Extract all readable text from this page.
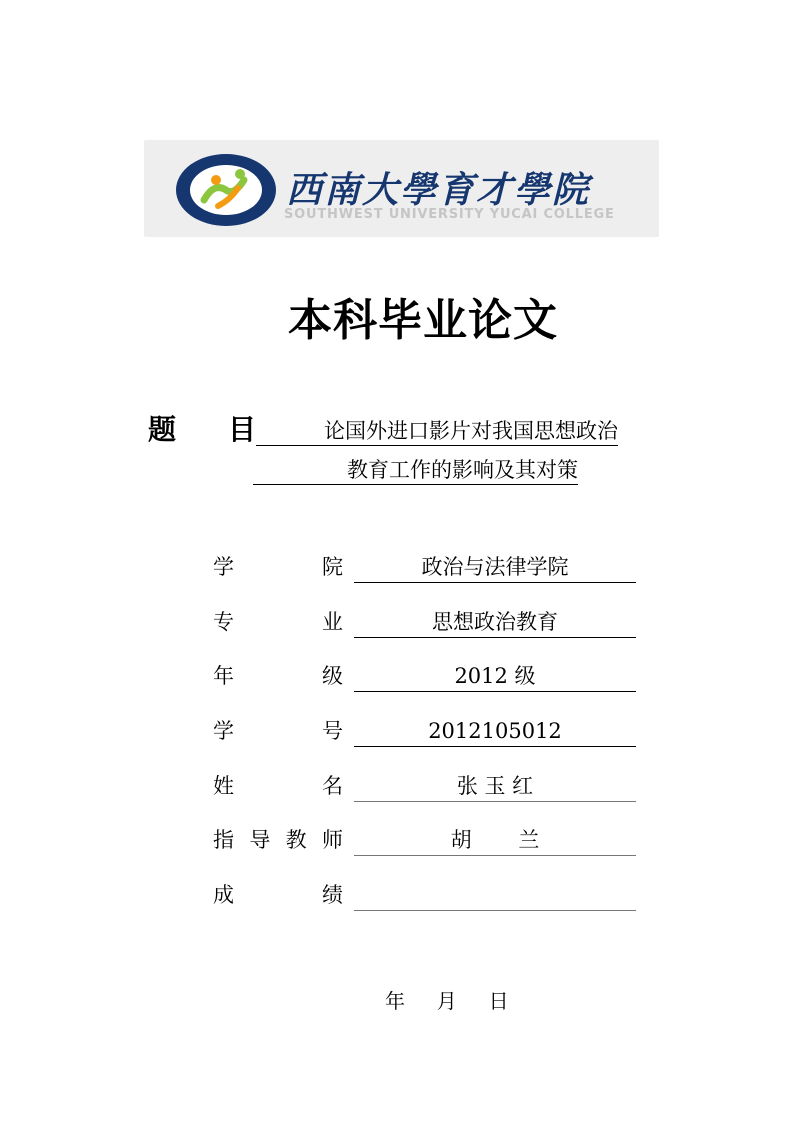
西南大學育才學院
SOUTHWEST UNIVERSITY YUCAI COLLEGE
本科毕业论文
题 目	论国外进口影片对我国思想政治
教育工作的影响及其对策
学	院	政治与法律学院
专	业	思想政治教育
年	级	2012 级
学	号	2012105012
姓	名	张 玉 红
指 导 教 师	胡       兰
成	绩
年     月     日
